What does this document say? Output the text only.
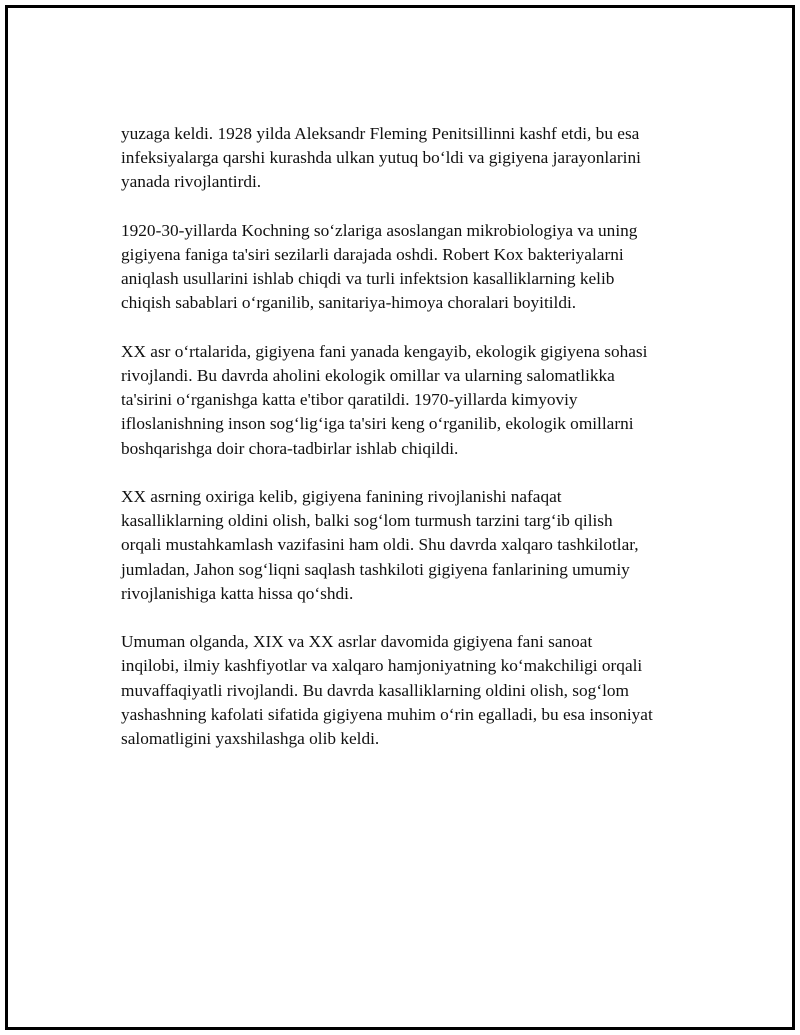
yuzaga keldi. 1928 yilda Aleksandr Fleming Penitsillinni kashf etdi, bu esa
infeksiyalarga qarshi kurashda ulkan yutuq bo‘ldi va gigiyena jarayonlarini
yanada rivojlantirdi.

1920-30-yillarda Kochning so‘zlariga asoslangan mikrobiologiya va uning
gigiyena faniga ta'siri sezilarli darajada oshdi. Robert Kox bakteriyalarni
aniqlash usullarini ishlab chiqdi va turli infektsion kasalliklarning kelib
chiqish sabablari o‘rganilib, sanitariya-himoya choralari boyitildi.

XX asr o‘rtalarida, gigiyena fani yanada kengayib, ekologik gigiyena sohasi
rivojlandi. Bu davrda aholini ekologik omillar va ularning salomatlikka
ta'sirini o‘rganishga katta e'tibor qaratildi. 1970-yillarda kimyoviy
ifloslanishning inson sog‘lig‘iga ta'siri keng o‘rganilib, ekologik omillarni
boshqarishga doir chora-tadbirlar ishlab chiqildi.

XX asrning oxiriga kelib, gigiyena fanining rivojlanishi nafaqat
kasalliklarning oldini olish, balki sog‘lom turmush tarzini targ‘ib qilish
orqali mustahkamlash vazifasini ham oldi. Shu davrda xalqaro tashkilotlar,
jumladan, Jahon sog‘liqni saqlash tashkiloti gigiyena fanlarining umumiy
rivojlanishiga katta hissa qo‘shdi.

Umuman olganda, XIX va XX asrlar davomida gigiyena fani sanoat
inqilobi, ilmiy kashfiyotlar va xalqaro hamjoniyatning ko‘makchiligi orqali
muvaffaqiyatli rivojlandi. Bu davrda kasalliklarning oldini olish, sog‘lom
yashashning kafolati sifatida gigiyena muhim o‘rin egalladi, bu esa insoniyat
salomatligini yaxshilashga olib keldi.
